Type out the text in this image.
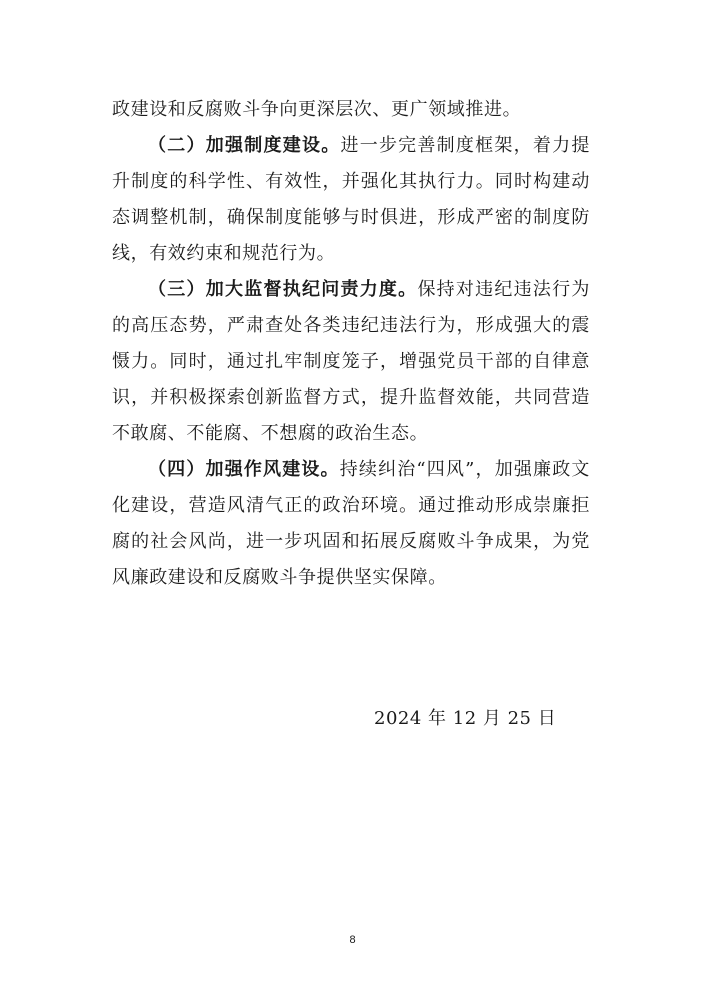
政建设和反腐败斗争向更深层次、更广领域推进。

（二）加强制度建设。进一步完善制度框架，着力提升制度的科学性、有效性，并强化其执行力。同时构建动态调整机制，确保制度能够与时俱进，形成严密的制度防线，有效约束和规范行为。

（三）加大监督执纪问责力度。保持对违纪违法行为的高压态势，严肃查处各类违纪违法行为，形成强大的震慑力。同时，通过扎牢制度笼子，增强党员干部的自律意识，并积极探索创新监督方式，提升监督效能，共同营造不敢腐、不能腐、不想腐的政治生态。

（四）加强作风建设。持续纠治“四风”，加强廉政文化建设，营造风清气正的政治环境。通过推动形成崇廉拒腐的社会风尚，进一步巩固和拓展反腐败斗争成果，为党风廉政建设和反腐败斗争提供坚实保障。

2024 年 12 月 25 日
8
